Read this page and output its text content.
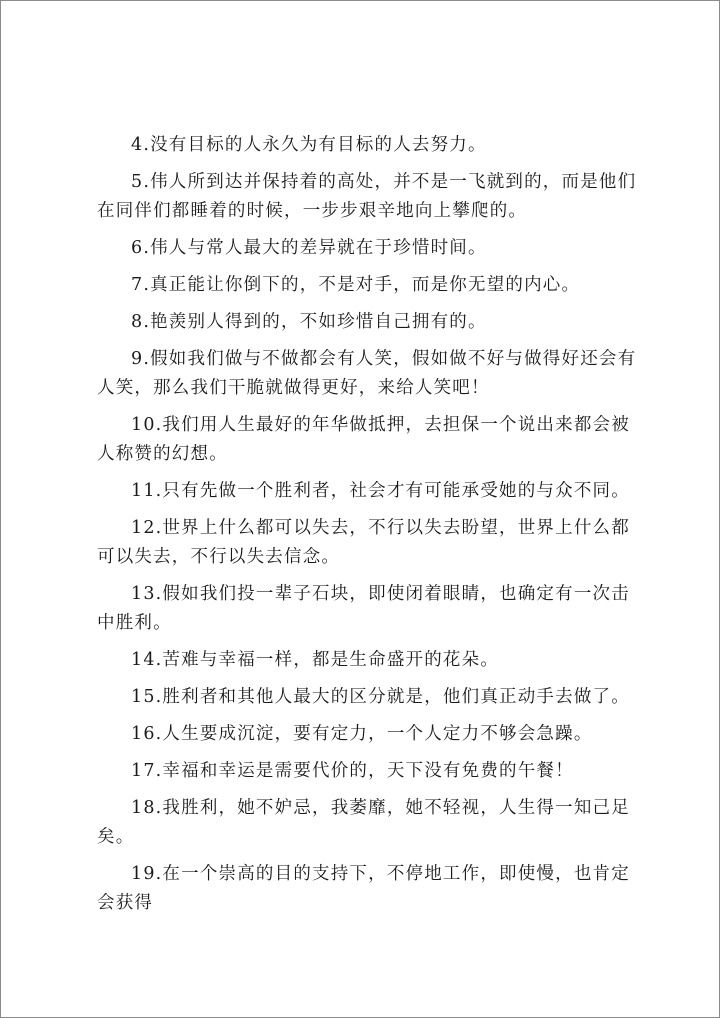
4.没有目标的人永久为有目标的人去努力。

5.伟人所到达并保持着的高处，并不是一飞就到的，而是他们在同伴们都睡着的时候，一步步艰辛地向上攀爬的。

6.伟人与常人最大的差异就在于珍惜时间。

7.真正能让你倒下的，不是对手，而是你无望的内心。

8.艳羡别人得到的，不如珍惜自己拥有的。

9.假如我们做与不做都会有人笑，假如做不好与做得好还会有人笑，那么我们干脆就做得更好，来给人笑吧！

10.我们用人生最好的年华做抵押，去担保一个说出来都会被人称赞的幻想。

11.只有先做一个胜利者，社会才有可能承受她的与众不同。

12.世界上什么都可以失去，不行以失去盼望，世界上什么都可以失去，不行以失去信念。

13.假如我们投一辈子石块，即使闭着眼睛，也确定有一次击中胜利。

14.苦难与幸福一样，都是生命盛开的花朵。

15.胜利者和其他人最大的区分就是，他们真正动手去做了。

16.人生要成沉淀，要有定力，一个人定力不够会急躁。

17.幸福和幸运是需要代价的，天下没有免费的午餐！

18.我胜利，她不妒忌，我萎靡，她不轻视，人生得一知己足矣。

19.在一个崇高的目的支持下，不停地工作，即使慢，也肯定会获得
